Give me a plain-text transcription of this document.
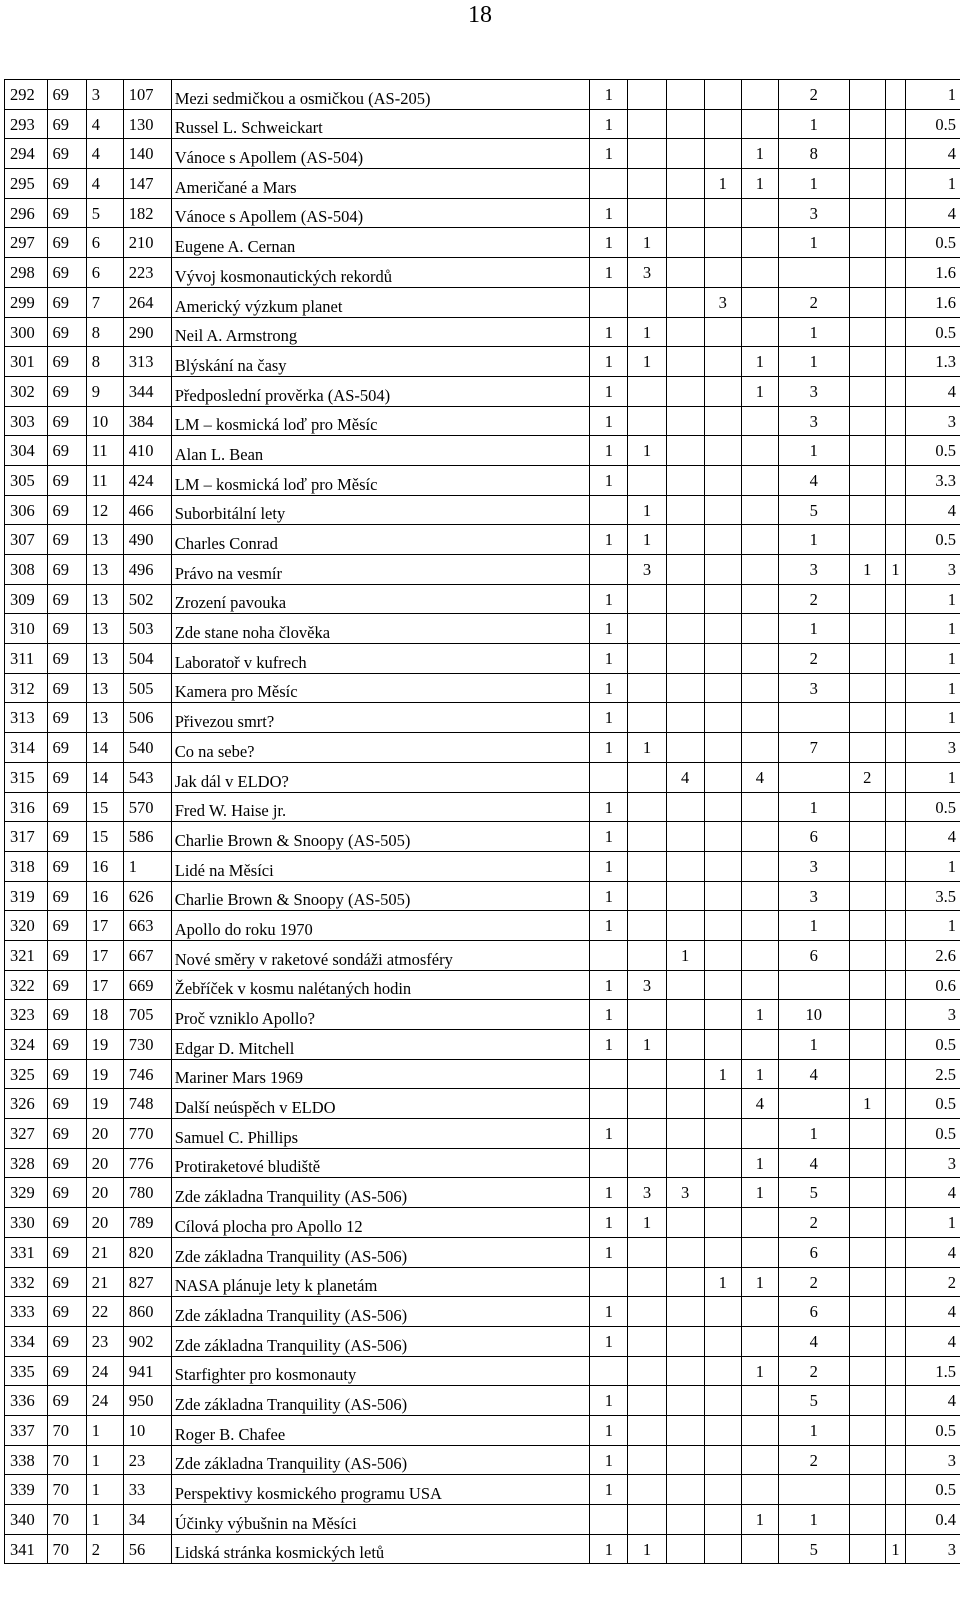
18
292	69	3	107	Mezi sedmičkou a osmičkou (AS-205)	1					2			1
293	69	4	130	Russel L. Schweickart	1					1			0.5
294	69	4	140	Vánoce s Apollem (AS-504)	1				1	8			4
295	69	4	147	Američané a Mars				1	1	1			1
296	69	5	182	Vánoce s Apollem (AS-504)	1					3			4
297	69	6	210	Eugene A. Cernan	1	1				1			0.5
298	69	6	223	Vývoj kosmonautických rekordů	1	3							1.6
299	69	7	264	Americký výzkum planet				3		2			1.6
300	69	8	290	Neil A. Armstrong	1	1				1			0.5
301	69	8	313	Blýskání na časy	1	1			1	1			1.3
302	69	9	344	Předposlední prověrka (AS-504)	1				1	3			4
303	69	10	384	LM – kosmická loď pro Měsíc	1					3			3
304	69	11	410	Alan L. Bean	1	1				1			0.5
305	69	11	424	LM – kosmická loď pro Měsíc	1					4			3.3
306	69	12	466	Suborbitální lety		1				5			4
307	69	13	490	Charles Conrad	1	1				1			0.5
308	69	13	496	Právo na vesmír		3				3	1	1	3
309	69	13	502	Zrození pavouka	1					2			1
310	69	13	503	Zde stane noha člověka	1					1			1
311	69	13	504	Laboratoř v kufrech	1					2			1
312	69	13	505	Kamera pro Měsíc	1					3			1
313	69	13	506	Přivezou smrt?	1								1
314	69	14	540	Co na sebe?	1	1				7			3
315	69	14	543	Jak dál v ELDO?			4		4		2		1
316	69	15	570	Fred W. Haise jr.	1					1			0.5
317	69	15	586	Charlie Brown & Snoopy (AS-505)	1					6			4
318	69	16	1	Lidé na Měsíci	1					3			1
319	69	16	626	Charlie Brown & Snoopy (AS-505)	1					3			3.5
320	69	17	663	Apollo do roku 1970	1					1			1
321	69	17	667	Nové směry v raketové sondáži atmosféry			1			6			2.6
322	69	17	669	Žebříček v kosmu nalétaných hodin	1	3							0.6
323	69	18	705	Proč vzniklo Apollo?	1				1	10			3
324	69	19	730	Edgar D. Mitchell	1	1				1			0.5
325	69	19	746	Mariner Mars 1969				1	1	4			2.5
326	69	19	748	Další neúspěch v ELDO					4		1		0.5
327	69	20	770	Samuel C. Phillips	1					1			0.5
328	69	20	776	Protiraketové bludiště					1	4			3
329	69	20	780	Zde základna Tranquility (AS-506)	1	3	3		1	5			4
330	69	20	789	Cílová plocha pro Apollo 12	1	1				2			1
331	69	21	820	Zde základna Tranquility (AS-506)	1					6			4
332	69	21	827	NASA plánuje lety k planetám				1	1	2			2
333	69	22	860	Zde základna Tranquility (AS-506)	1					6			4
334	69	23	902	Zde základna Tranquility (AS-506)	1					4			4
335	69	24	941	Starfighter pro kosmonauty					1	2			1.5
336	69	24	950	Zde základna Tranquility (AS-506)	1					5			4
337	70	1	10	Roger B. Chafee	1					1			0.5
338	70	1	23	Zde základna Tranquility (AS-506)	1					2			3
339	70	1	33	Perspektivy kosmického programu USA	1								0.5
340	70	1	34	Účinky výbušnin na Měsíci					1	1			0.4
341	70	2	56	Lidská stránka kosmických letů	1	1				5		1	3
